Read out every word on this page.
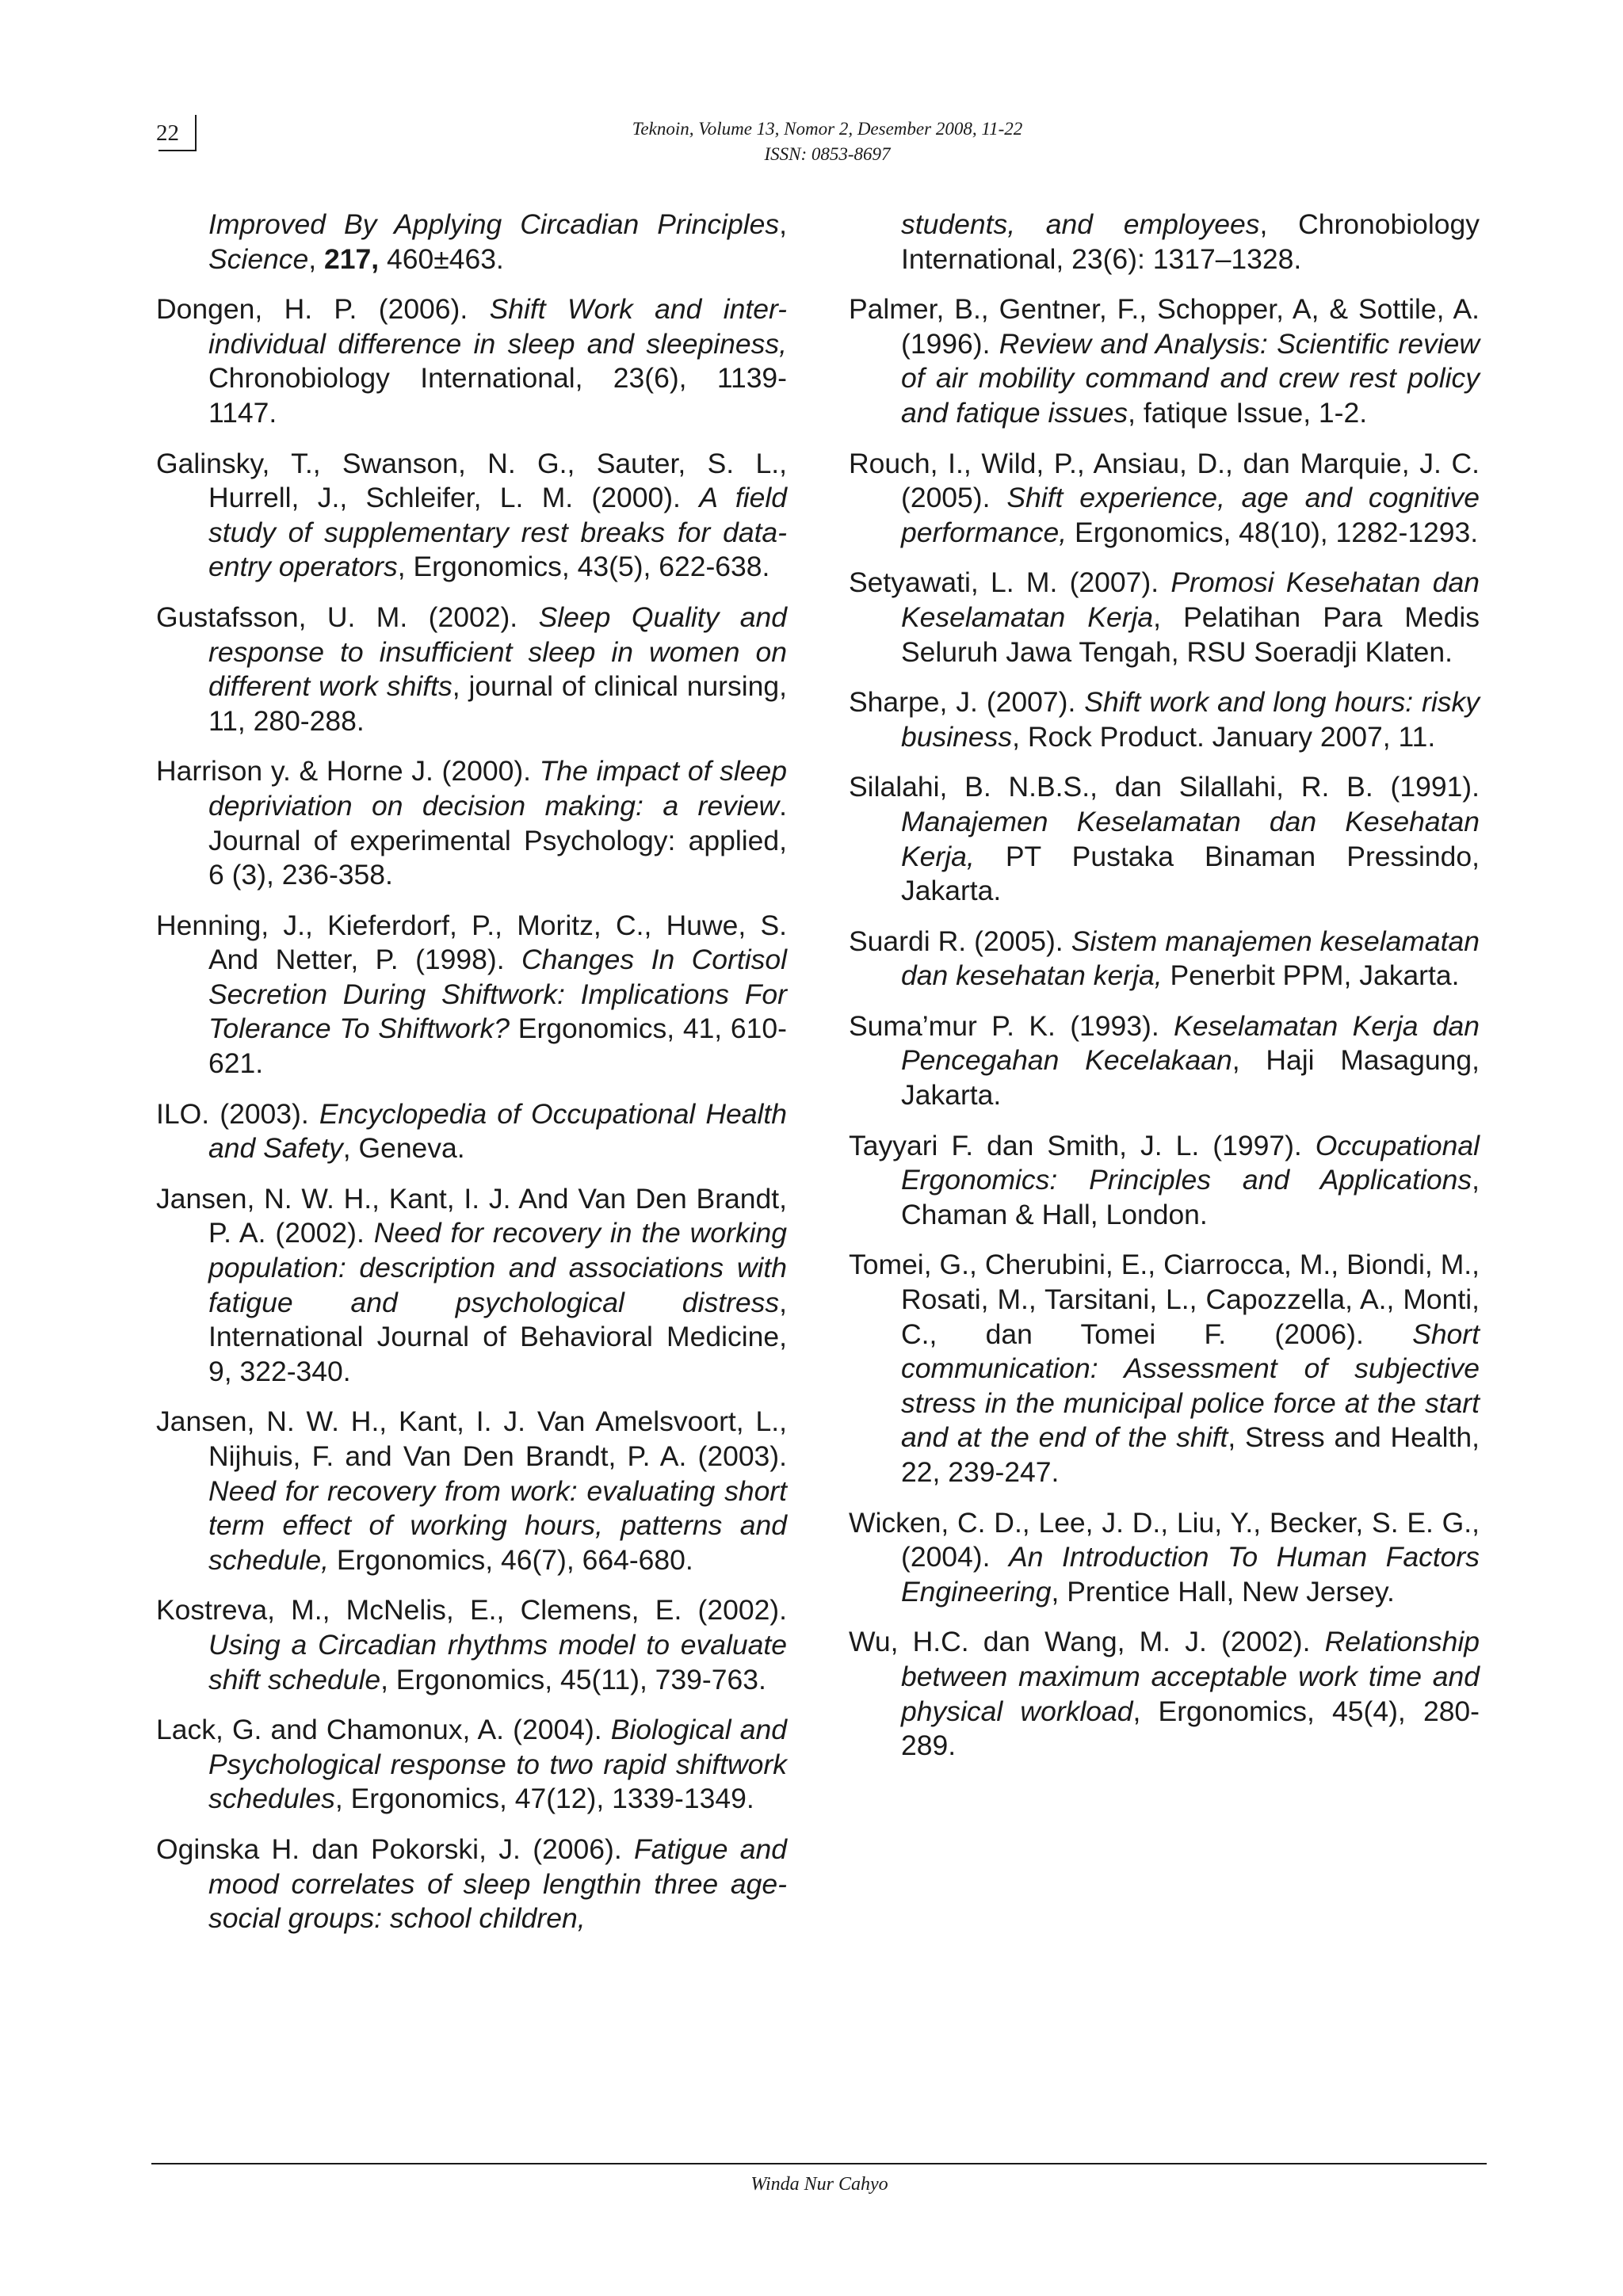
22	Teknoin, Volume 13, Nomor 2, Desember 2008, 11-22
ISSN: 0853-8697

Improved By Applying Circadian Principles, Science, 217, 460±463.

Dongen, H. P. (2006). Shift Work and inter-individual difference in sleep and sleepiness, Chronobiology International, 23(6), 1139-1147.

Galinsky, T., Swanson, N. G., Sauter, S. L., Hurrell, J., Schleifer, L. M. (2000). A field study of supplementary rest breaks for data-entry operators, Ergonomics, 43(5), 622-638.

Gustafsson, U. M. (2002). Sleep Quality and response to insufficient sleep in women on different work shifts, journal of clinical nursing, 11, 280-288.

Harrison y. & Horne J. (2000). The impact of sleep depriviation on decision making: a review. Journal of experimental Psychology: applied, 6 (3), 236-358.

Henning, J., Kieferdorf, P., Moritz, C., Huwe, S. And Netter, P. (1998). Changes In Cortisol Secretion During Shiftwork: Implications For Tolerance To Shiftwork? Ergonomics, 41, 610-621.

ILO. (2003). Encyclopedia of Occupational Health and Safety, Geneva.

Jansen, N. W. H., Kant, I. J. And Van Den Brandt, P. A. (2002). Need for recovery in the working population: description and associations with fatigue and psychological distress, International Journal of Behavioral Medicine, 9, 322-340.

Jansen, N. W. H., Kant, I. J. Van Amelsvoort, L., Nijhuis, F. and Van Den Brandt, P. A. (2003). Need for recovery from work: evaluating short term effect of working hours, patterns and schedule, Ergonomics, 46(7), 664-680.

Kostreva, M., McNelis, E., Clemens, E. (2002). Using a Circadian rhythms model to evaluate shift schedule, Ergonomics, 45(11), 739-763.

Lack, G. and Chamonux, A. (2004). Biological and Psychological response to two rapid shiftwork schedules, Ergonomics, 47(12), 1339-1349.

Oginska H. dan Pokorski, J. (2006). Fatigue and mood correlates of sleep lengthin three age-social groups: school children,

students, and employees, Chronobiology International, 23(6): 1317–1328.

Palmer, B., Gentner, F., Schopper, A, & Sottile, A. (1996). Review and Analysis: Scientific review of air mobility command and crew rest policy and fatique issues, fatique Issue, 1-2.

Rouch, I., Wild, P., Ansiau, D., dan Marquie, J. C. (2005). Shift experience, age and cognitive performance, Ergonomics, 48(10), 1282-1293.

Setyawati, L. M. (2007). Promosi Kesehatan dan Keselamatan Kerja, Pelatihan Para Medis Seluruh Jawa Tengah, RSU Soeradji Klaten.

Sharpe, J. (2007). Shift work and long hours: risky business, Rock Product. January 2007, 11.

Silalahi, B. N.B.S., dan Silallahi, R. B. (1991). Manajemen Keselamatan dan Kesehatan Kerja, PT Pustaka Binaman Pressindo, Jakarta.

Suardi R. (2005). Sistem manajemen keselamatan dan kesehatan kerja, Penerbit PPM, Jakarta.

Suma’mur P. K. (1993). Keselamatan Kerja dan Pencegahan Kecelakaan, Haji Masagung, Jakarta.

Tayyari F. dan Smith, J. L. (1997). Occupational Ergonomics: Principles and Applications, Chaman & Hall, London.

Tomei, G., Cherubini, E., Ciarrocca, M., Biondi, M., Rosati, M., Tarsitani, L., Capozzella, A., Monti, C., dan Tomei F. (2006). Short communication: Assessment of subjective stress in the municipal police force at the start and at the end of the shift, Stress and Health, 22, 239-247.

Wicken, C. D., Lee, J. D., Liu, Y., Becker, S. E. G., (2004). An Introduction To Human Factors Engineering, Prentice Hall, New Jersey.

Wu, H.C. dan Wang, M. J. (2002). Relationship between maximum acceptable work time and physical workload, Ergonomics, 45(4), 280-289.

Winda Nur Cahyo
